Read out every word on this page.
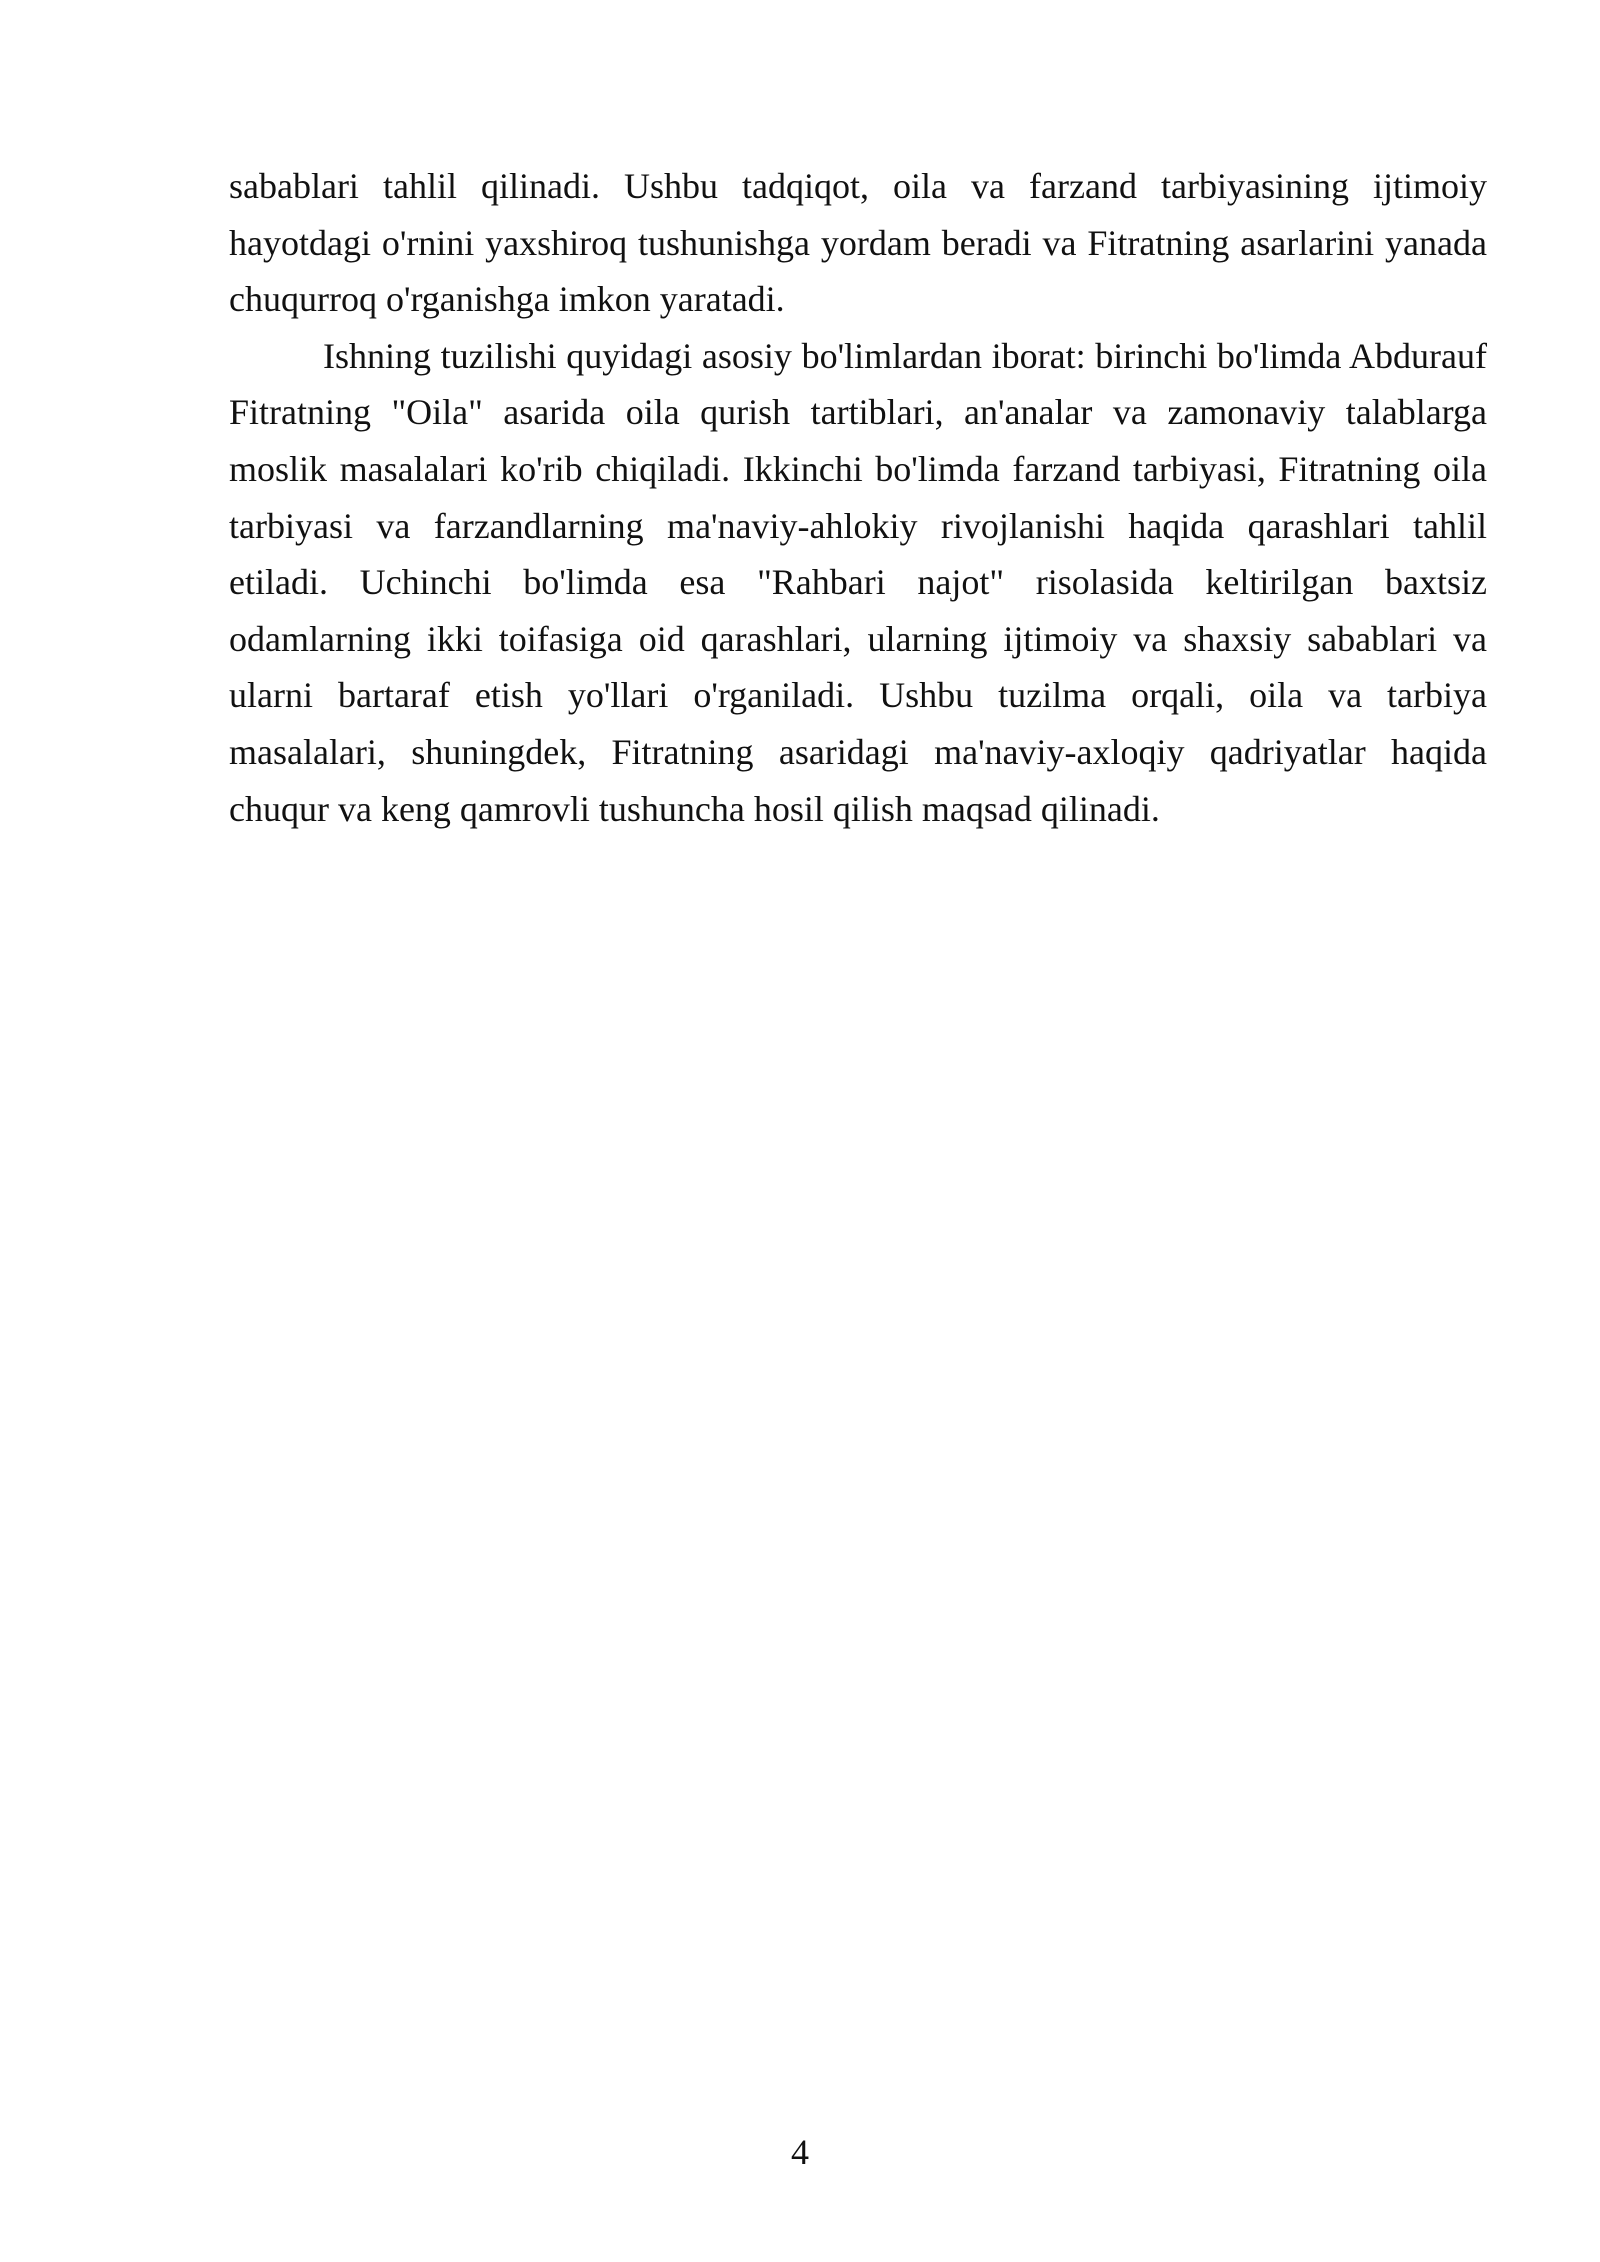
sabablari tahlil qilinadi. Ushbu tadqiqot, oila va farzand tarbiyasining ijtimoiy hayotdagi o'rnini yaxshiroq tushunishga yordam beradi va Fitratning asarlarini yanada chuqurroq o'rganishga imkon yaratadi.

Ishning tuzilishi quyidagi asosiy bo'limlardan iborat: birinchi bo'limda Abdurauf Fitratning "Oila" asarida oila qurish tartiblari, an'analar va zamonaviy talablarga moslik masalalari ko'rib chiqiladi. Ikkinchi bo'limda farzand tarbiyasi, Fitratning oila tarbiyasi va farzandlarning ma'naviy-ahlokiy rivojlanishi haqida qarashlari tahlil etiladi. Uchinchi bo'limda esa "Rahbari najot" risolasida keltirilgan baxtsiz odamlarning ikki toifasiga oid qarashlari, ularning ijtimoiy va shaxsiy sabablari va ularni bartaraf etish yo'llari o'rganiladi. Ushbu tuzilma orqali, oila va tarbiya masalalari, shuningdek, Fitratning asaridagi ma'naviy-axloqiy qadriyatlar haqida chuqur va keng qamrovli tushuncha hosil qilish maqsad qilinadi.

4
